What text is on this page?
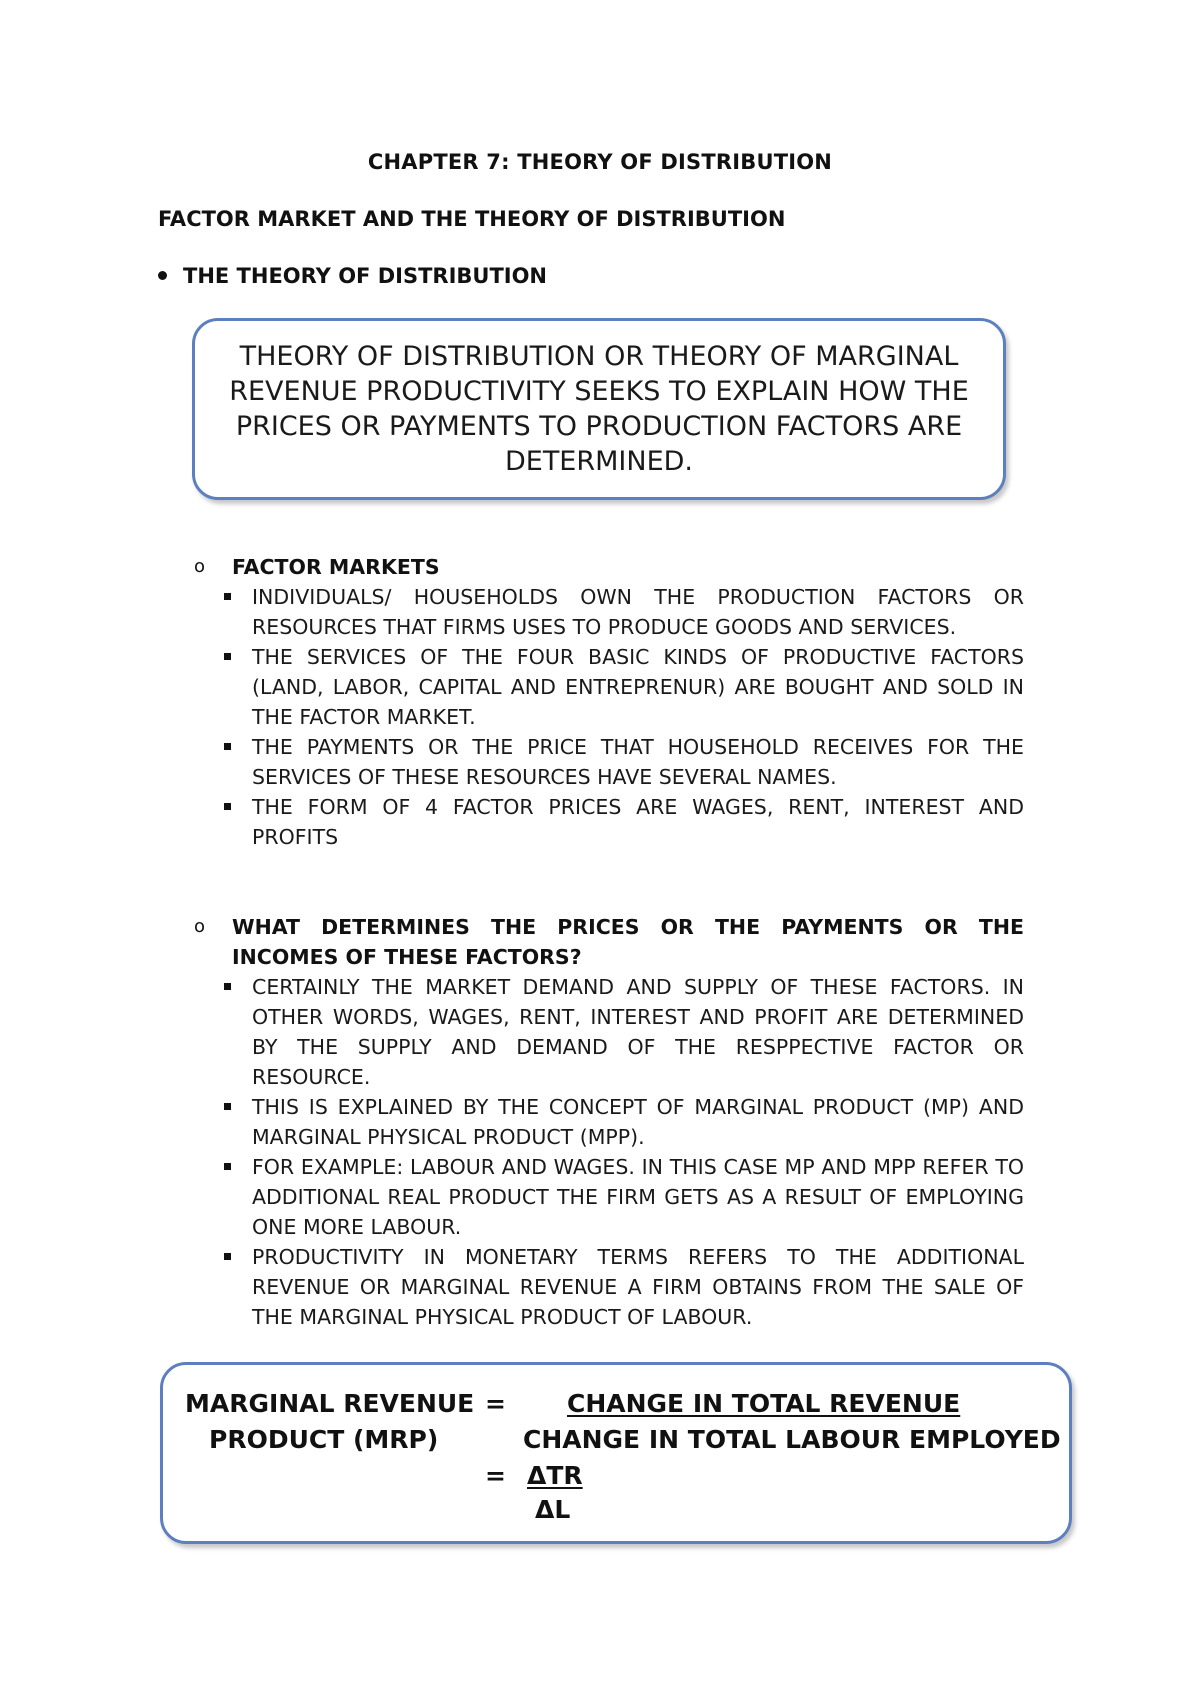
CHAPTER 7: THEORY OF DISTRIBUTION
FACTOR MARKET AND THE THEORY OF DISTRIBUTION
THE THEORY OF DISTRIBUTION

THEORY OF DISTRIBUTION OR THEORY OF MARGINAL REVENUE PRODUCTIVITY SEEKS TO EXPLAIN HOW THE PRICES OR PAYMENTS TO PRODUCTION FACTORS ARE DETERMINED.

o	FACTOR MARKETS
INDIVIDUALS/ HOUSEHOLDS OWN THE PRODUCTION FACTORS OR RESOURCES THAT FIRMS USES TO PRODUCE GOODS AND SERVICES.
THE SERVICES OF THE FOUR BASIC KINDS OF PRODUCTIVE FACTORS (LAND, LABOR, CAPITAL AND ENTREPRENUR) ARE BOUGHT AND SOLD IN THE FACTOR MARKET.
THE PAYMENTS OR THE PRICE THAT HOUSEHOLD RECEIVES FOR THE SERVICES OF THESE RESOURCES HAVE SEVERAL NAMES.
THE FORM OF 4 FACTOR PRICES ARE WAGES, RENT, INTEREST AND PROFITS
o	WHAT DETERMINES THE PRICES OR THE PAYMENTS OR THE INCOMES OF THESE FACTORS?
CERTAINLY THE MARKET DEMAND AND SUPPLY OF THESE FACTORS. IN OTHER WORDS, WAGES, RENT, INTEREST AND PROFIT ARE DETERMINED BY THE SUPPLY AND DEMAND OF THE RESPPECTIVE FACTOR OR RESOURCE.
THIS IS EXPLAINED BY THE CONCEPT OF MARGINAL PRODUCT (MP) AND MARGINAL PHYSICAL PRODUCT (MPP).
FOR EXAMPLE: LABOUR AND WAGES. IN THIS CASE MP AND MPP REFER TO ADDITIONAL REAL PRODUCT THE FIRM GETS AS A RESULT OF EMPLOYING ONE MORE LABOUR.
PRODUCTIVITY IN MONETARY TERMS REFERS TO THE ADDITIONAL REVENUE OR MARGINAL REVENUE A FIRM OBTAINS FROM THE SALE OF THE MARGINAL PHYSICAL PRODUCT OF LABOUR.
MARGINAL REVENUE
PRODUCT (MRP)
= CHANGE IN TOTAL REVENUE
CHANGE IN TOTAL LABOUR EMPLOYED
= ΔTR
ΔL
